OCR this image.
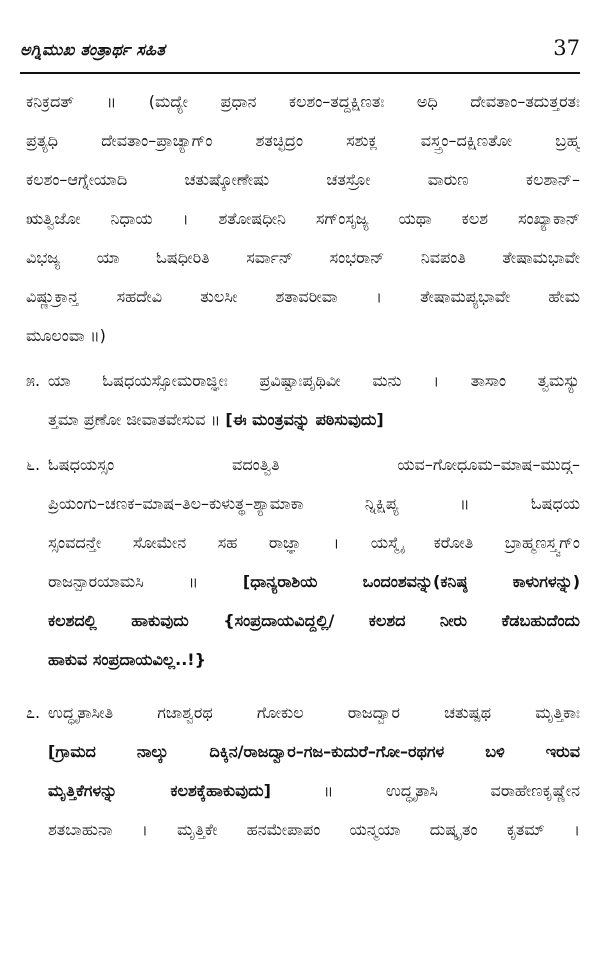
ಅಗ್ನಿಮುಖ ತಂತ್ರಾರ್ಥ ಸಹಿತ	37
ಕನಿಕ್ರದತ್ ॥ (ಮದ್ಯೇ ಪ್ರಧಾನ ಕಲಶಂ–ತದ್ದಕ್ಷಿಣತಃ ಅಧಿ ದೇವತಾಂ–ತದುತ್ತರತಃ
ಪ್ರತ್ಯಧಿ ದೇವತಾಂ–ಪ್ರಾಚ್ಯಾಗ್ಂ ಶತಚ್ಛಿದ್ರಂ ಸಶುಕ್ಲ ವಸ್ತ್ರಂ–ದಕ್ಷಿಣತೋ ಬ್ರಹ್ಮ
ಕಲಶಂ–ಆಗ್ನೇಯಾದಿ ಚತುಷ್ಕೋಣೇಷು ಚತಸ್ರೋ ವಾರುಣ ಕಲಶಾನ್–
ಋತ್ವಿಜೋ ನಿಧಾಯ । ಶತೋಷಧೀನಿ ಸಗ್ಂಸೃಜ್ಯ ಯಥಾ ಕಲಶ ಸಂಖ್ಯಾಕಾನ್
ವಿಭಜ್ಯ ಯಾ ಓಷಧೀರಿತಿ ಸರ್ವಾನ್ ಸಂಭರಾನ್ ನಿವಪಂತಿ ತೇಷಾಮಭಾವೇ
ವಿಷ್ಣುಕ್ರಾನ್ತ ಸಹದೇವಿ ತುಲಸೀ ಶತಾವರೀವಾ । ತೇಷಾಮಪ್ಯಭಾವೇ ಹೇಮ
ಮೂಲಂವಾ ॥)
೫. ಯಾ ಓಷಧಯಸ್ಸೋಮರಾಜ್ಞೀಃ ಪ್ರವಿಷ್ಟಾಃಪೃಥಿವೀ ಮನು । ತಾಸಾಂ ತ್ವಮಸ್ಯು
ತ್ತಮಾ ಪ್ರಣೋ ಜೀವಾತವೇಸುವ ॥ [ಈ ಮಂತ್ರವನ್ನು ಪಠಿಸುವುದು]
೬. ಓಷಧಯಸ್ಸಂ ವದಂತ್ವಿತಿ ಯವ–ಗೋಧೂಮ–ಮಾಷ–ಮುದ್ಗ–
ಪ್ರಿಯಂಗು–ಚಣಕ–ಮಾಷ–ತಿಲ–ಕುಳುತ್ಥ–ಶ್ಯಾಮಾಕಾ ನ್ನಿಕ್ಷಿಪ್ಯ ॥ ಓಷಧಯ
ಸ್ಸಂವದನ್ತೇ ಸೋಮೇನ ಸಹ ರಾಜ್ಞಾ । ಯಸ್ಮೈ ಕರೋತಿ ಬ್ರಾಹ್ಮಣಸ್ತ್ವಗ್ಂ
ರಾಜನ್ಪಾರಯಾಮಸಿ ॥	[ಧಾನ್ಯರಾಶಿಯ ಒಂದಂಶವನ್ನು(ಕನಿಷ್ಠ ಕಾಳುಗಳನ್ನು)
ಕಲಶದಲ್ಲಿ ಹಾಕುವುದು {ಸಂಪ್ರದಾಯವಿದ್ದಲ್ಲಿ/ ಕಲಶದ ನೀರು ಕೆಡಬಹುದೆಂದು
ಹಾಕುವ ಸಂಪ್ರದಾಯವಿಲ್ಲ..!}
೭. ಉದ್ಧೃತಾಸೀತಿ ಗಜಾಶ್ವರಥ ಗೋಕುಲ ರಾಜದ್ವಾರ ಚತುಷ್ಪಥ ಮೃತ್ತಿಕಾಃ
[ಗ್ರಾಮದ ನಾಲ್ಕು ದಿಕ್ಕಿನ/ರಾಜದ್ವಾರ–ಗಜ–ಕುದುರೆ–ಗೋ–ರಥಗಳ ಬಳಿ ಇರುವ
ಮೃತ್ತಿಕೆಗಳನ್ನು ಕಲಶಕ್ಕೆಹಾಕುವುದು]	॥ ಉದ್ಧೃತಾಸಿ ವರಾಹೇಣಕೃಷ್ಣೇನ
ಶತಬಾಹುನಾ । ಮೃತ್ತಿಕೇ ಹನಮೇಪಾಪಂ ಯನ್ಮಯಾ ದುಷ್ಕೃತಂ ಕೃತಮ್ ।
